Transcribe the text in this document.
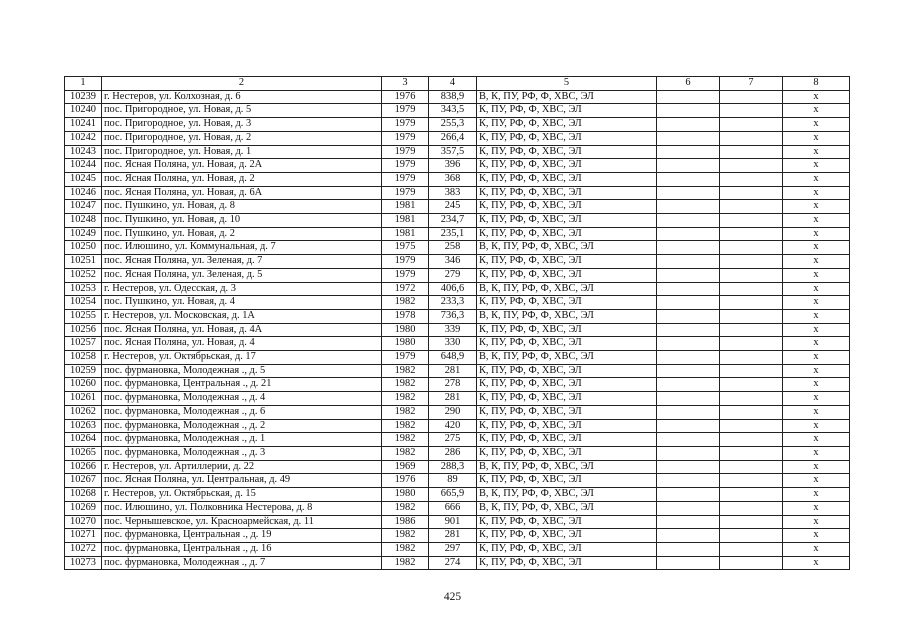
1	2	3	4	5	6	7	8
10239	г. Нестеров, ул. Колхозная, д. 6	1976	838,9	В, К, ПУ, РФ, Ф, ХВС, ЭЛ			х
10240	пос. Пригородное, ул. Новая, д. 5	1979	343,5	К, ПУ, РФ, Ф, ХВС, ЭЛ			х
10241	пос. Пригородное, ул. Новая, д. 3	1979	255,3	К, ПУ, РФ, Ф, ХВС, ЭЛ			х
10242	пос. Пригородное, ул. Новая, д. 2	1979	266,4	К, ПУ, РФ, Ф, ХВС, ЭЛ			х
10243	пос. Пригородное, ул. Новая, д. 1	1979	357,5	К, ПУ, РФ, Ф, ХВС, ЭЛ			х
10244	пос. Ясная Поляна, ул. Новая, д. 2А	1979	396	К, ПУ, РФ, Ф, ХВС, ЭЛ			х
10245	пос. Ясная Поляна, ул. Новая, д. 2	1979	368	К, ПУ, РФ, Ф, ХВС, ЭЛ			х
10246	пос. Ясная Поляна, ул. Новая, д. 6А	1979	383	К, ПУ, РФ, Ф, ХВС, ЭЛ			х
10247	пос. Пушкино, ул. Новая, д. 8	1981	245	К, ПУ, РФ, Ф, ХВС, ЭЛ			х
10248	пос. Пушкино, ул. Новая, д. 10	1981	234,7	К, ПУ, РФ, Ф, ХВС, ЭЛ			х
10249	пос. Пушкино, ул. Новая, д. 2	1981	235,1	К, ПУ, РФ, Ф, ХВС, ЭЛ			х
10250	пос. Илюшино, ул. Коммунальная, д. 7	1975	258	В, К, ПУ, РФ, Ф, ХВС, ЭЛ			х
10251	пос. Ясная Поляна, ул. Зеленая, д. 7	1979	346	К, ПУ, РФ, Ф, ХВС, ЭЛ			х
10252	пос. Ясная Поляна, ул. Зеленая, д. 5	1979	279	К, ПУ, РФ, Ф, ХВС, ЭЛ			х
10253	г. Нестеров, ул. Одесская, д. 3	1972	406,6	В, К, ПУ, РФ, Ф, ХВС, ЭЛ			х
10254	пос. Пушкино, ул. Новая, д. 4	1982	233,3	К, ПУ, РФ, Ф, ХВС, ЭЛ			х
10255	г. Нестеров, ул. Московская, д. 1А	1978	736,3	В, К, ПУ, РФ, Ф, ХВС, ЭЛ			х
10256	пос. Ясная Поляна, ул. Новая, д. 4А	1980	339	К, ПУ, РФ, Ф, ХВС, ЭЛ			х
10257	пос. Ясная Поляна, ул. Новая, д. 4	1980	330	К, ПУ, РФ, Ф, ХВС, ЭЛ			х
10258	г. Нестеров, ул. Октябрьская, д. 17	1979	648,9	В, К, ПУ, РФ, Ф, ХВС, ЭЛ			х
10259	пос. фурмановка, Молодежная ., д. 5	1982	281	К, ПУ, РФ, Ф, ХВС, ЭЛ			х
10260	пос. фурмановка, Центральная ., д. 21	1982	278	К, ПУ, РФ, Ф, ХВС, ЭЛ			х
10261	пос. фурмановка, Молодежная ., д. 4	1982	281	К, ПУ, РФ, Ф, ХВС, ЭЛ			х
10262	пос. фурмановка, Молодежная ., д. 6	1982	290	К, ПУ, РФ, Ф, ХВС, ЭЛ			х
10263	пос. фурмановка, Молодежная ., д. 2	1982	420	К, ПУ, РФ, Ф, ХВС, ЭЛ			х
10264	пос. фурмановка, Молодежная ., д. 1	1982	275	К, ПУ, РФ, Ф, ХВС, ЭЛ			х
10265	пос. фурмановка, Молодежная ., д. 3	1982	286	К, ПУ, РФ, Ф, ХВС, ЭЛ			х
10266	г. Нестеров, ул. Артиллерии, д. 22	1969	288,3	В, К, ПУ, РФ, Ф, ХВС, ЭЛ			х
10267	пос. Ясная Поляна, ул. Центральная, д. 49	1976	89	К, ПУ, РФ, Ф, ХВС, ЭЛ			х
10268	г. Нестеров, ул. Октябрьская, д. 15	1980	665,9	В, К, ПУ, РФ, Ф, ХВС, ЭЛ			х
10269	пос. Илюшино, ул. Полковника Нестерова, д. 8	1982	666	В, К, ПУ, РФ, Ф, ХВС, ЭЛ			х
10270	пос. Чернышевское, ул. Красноармейская, д. 11	1986	901	К, ПУ, РФ, Ф, ХВС, ЭЛ			х
10271	пос. фурмановка, Центральная ., д. 19	1982	281	К, ПУ, РФ, Ф, ХВС, ЭЛ			х
10272	пос. фурмановка, Центральная ., д. 16	1982	297	К, ПУ, РФ, Ф, ХВС, ЭЛ			х
10273	пос. фурмановка, Молодежная ., д. 7	1982	274	К, ПУ, РФ, Ф, ХВС, ЭЛ			х
425
